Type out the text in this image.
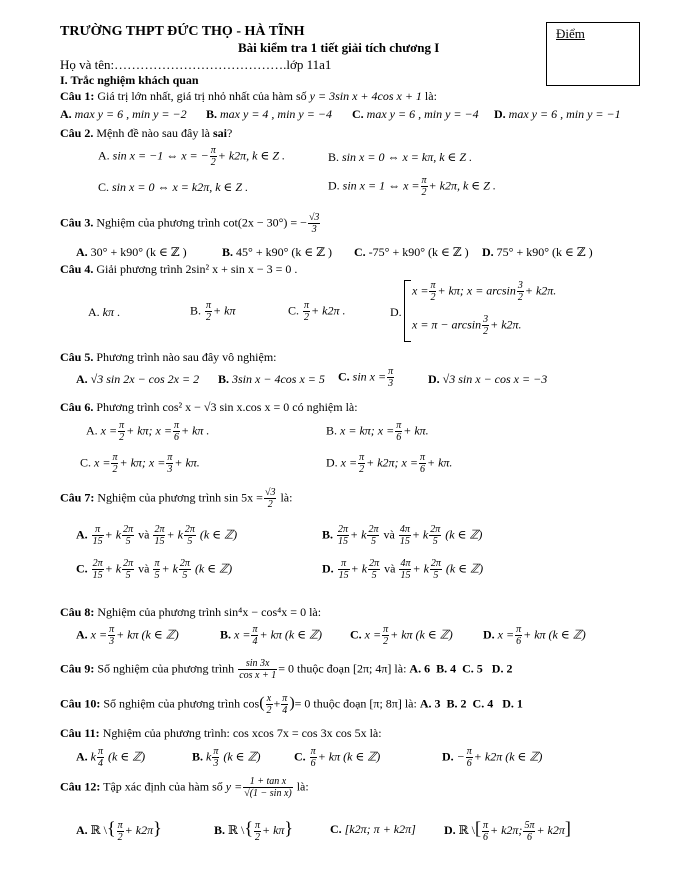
TRƯỜNG THPT ĐỨC THỌ - HÀ TĨNH
Bài kiểm tra 1 tiết giải tích chương I
Họ và tên:………………………………….lớp 11a1
Điểm
I. Trắc nghiệm khách quan
Câu 1: Giá trị lớn nhất, giá trị nhỏ nhất của hàm số y = 3sin x + 4cos x + 1 là:
A. max y = 6 , min y = −2 B. max y = 4 , min y = −4 C. max y = 6 , min y = −4 D. max y = 6 , min y = −1
Câu 2. Mệnh đề nào sau đây là sai?
A. sin x = −1 ⇔ x = − $\frac{\pi}{2} + k2\pi$, k ∈ Z .	B. sin x = 0 ⇔ x = kπ, k ∈ Z .
C. sin x = 0 ⇔ x = k2π, k ∈ Z .	D. sin x = 1 ⇔ $x = \frac{\pi}{2} + k2\pi$, k ∈ Z .
Câu 3. Nghiệm của phương trình cot(2x − 30°) = − $\frac{√3}{3}$
A. 30° + k90° (k ∈ ℤ )	B. 45° + k90° (k ∈ ℤ ) C. -75° + k90° (k ∈ ℤ ) D. 75° + k90° (k ∈ ℤ )
Câu 4. Giải phương trình 2sin² x + sin x − 3 = 0 .
A. kπ .	B. $\frac{\pi}{2} + k\pi$	C. $\frac{\pi}{2} + k2\pi$ .	D.
$x = \frac{\pi}{2} + k\pi$; $x = \arcsin \frac{3}{2} + k2\pi$.
$x = \pi - \arcsin \frac{3}{2} + k2\pi$.
Câu 5. Phương trình nào sau đây vô nghiệm:
A. √3 sin 2x − cos 2x = 2 B. 3sin x − 4cos x = 5 C. $\sin x = \frac{\pi}{3}$	D. √3 sin x − cos x = −3
Câu 6. Phương trình cos² x − √3 sin x.cos x = 0 có nghiệm là:
A. $x = \frac{\pi}{2} + k\pi$; $x = \frac{\pi}{6} + k\pi$ .	B. x = kπ; $x = \frac{\pi}{6} + k\pi$.
C. $x = \frac{\pi}{2} + k\pi$; $x = \frac{\pi}{3} + k\pi$.	D. $x = \frac{\pi}{2} + k2\pi$; $x = \frac{\pi}{6} + k\pi$.
Câu 7: Nghiệm của phương trình $\sin 5x = \frac{√3}{2}$ là:
A. $\frac{\pi}{15} + k \frac{2\pi}{5}$ và $\frac{2\pi}{15} + k \frac{2\pi}{5} (k$ ∈ ℤ)	B. $\frac{2\pi}{15} + k \frac{2\pi}{5}$ và $\frac{4\pi}{15} + k \frac{2\pi}{5} (k$ ∈ ℤ)
C. $\frac{2\pi}{15} + k \frac{2\pi}{5}$ và $\frac{\pi}{5} + k \frac{2\pi}{5} (k$ ∈ ℤ)	D. $\frac{\pi}{15} + k \frac{2\pi}{5}$ và $\frac{4\pi}{15} + k \frac{2\pi}{5} (k$ ∈ ℤ)
Câu 8: Nghiệm của phương trình sin⁴x − cos⁴x = 0 là:
A. $x = \frac{\pi}{3} + k\pi$ (k ∈ ℤ)	B. $x = \frac{\pi}{4} + k\pi$ (k ∈ ℤ) C. $x = \frac{\pi}{2} + k\pi$ (k ∈ ℤ)	D. $x = \frac{\pi}{6} + k\pi$ (k ∈ ℤ)
Câu 9: Số nghiệm của phương trình $\frac{\sin 3x}{\text{cos x + 1}} = 0$ thuộc đoạn [2π; 4π] là: A. 6 B. 4 C. 5 D. 2
Câu 10: Số nghiệm của phương trình $\cos( \frac{x}{2} + \frac{\pi}{4}$ )= 0 thuộc đoạn [π; 8π] là: A. 3 B. 2 C. 4 D. 1
Câu 11: Nghiệm của phương trình: cos xcos 7x = cos 3x cos 5x là:
A. k $\frac{\pi}{4} (k$ ∈ ℤ)	B. k $\frac{\pi}{3} (k$ ∈ ℤ)	C. $\frac{\pi}{6} + k\pi$ (k ∈ ℤ)	D. − $\frac{\pi}{6} + k2\pi$ (k ∈ ℤ)
Câu 12: Tập xác định của hàm số $y = \frac{\text{1 + tan x}}{\text{√(1 − sin x)}}$ là:
A. ℝ \{ $\frac{\pi}{2} + k2\pi$}	B. ℝ \{ $\frac{\pi}{2} + k\pi$}	C. [k2π; π + k2π] D. ℝ \[ $\frac{\pi}{6} + k2\pi$; $\frac{5\pi}{6} + k2\pi$]
